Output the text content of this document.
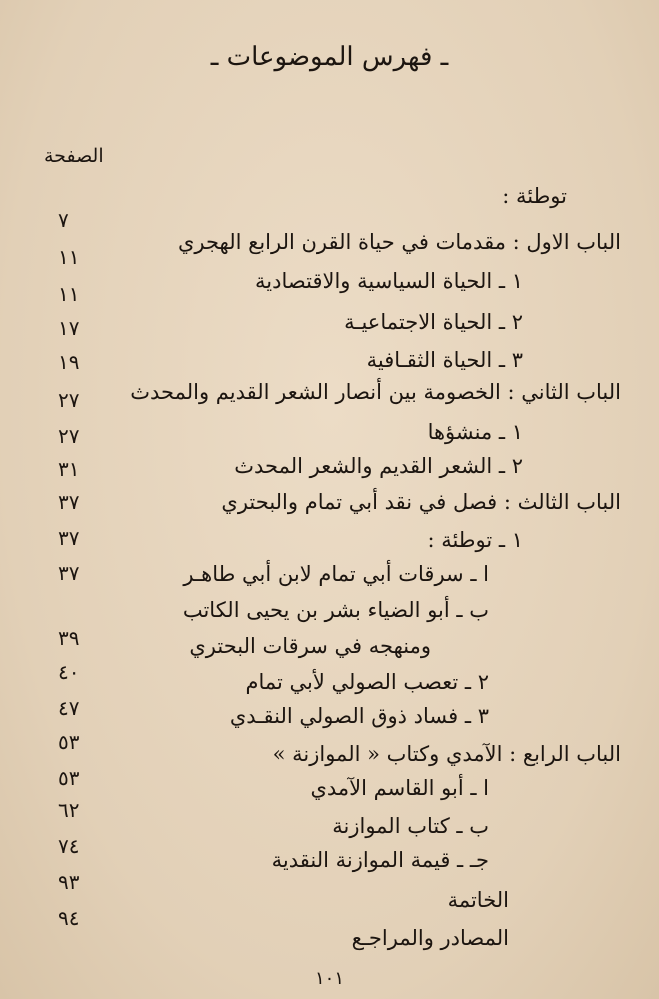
ـ فهرس الموضوعات ـ
الصفحة
توطئة :
الباب الاول : مقدمات في حياة القرن الرابع الهجري
١ ـ الحياة السياسية والاقتصادية
٢ ـ الحياة الاجتماعيـة
٣ ـ الحياة الثقـافية
الباب الثاني : الخصومة بين أنصار الشعر القديم والمحدث
١ ـ منشؤها
٢ ـ الشعر القديم والشعر المحدث
الباب الثالث : فصل في نقد أبي تمام والبحتري
١ ـ توطئة :
ا ـ سرقات أبي تمام لابن أبي طاهـر
ب ـ أبو الضياء بشر بن يحيى الكاتب
ومنهجه في سرقات البحتري
٢ ـ تعصب الصولي لأبي تمام
٣ ـ فساد ذوق الصولي النقـدي
الباب الرابع : الآمدي وكتاب « الموازنة »
ا ـ أبو القاسم الآمدي
ب ـ كتاب الموازنة
جـ ـ قيمة الموازنة النقدية
الخاتمة
المصادر والمراجـع
٧
١١
١١
١٧
١٩
٢٧
٢٧
٣١
٣٧
٣٧
٣٧
٣٩
٤٠
٤٧
٥٣
٥٣
٦٢
٧٤
٩٣
٩٤
١٠١
